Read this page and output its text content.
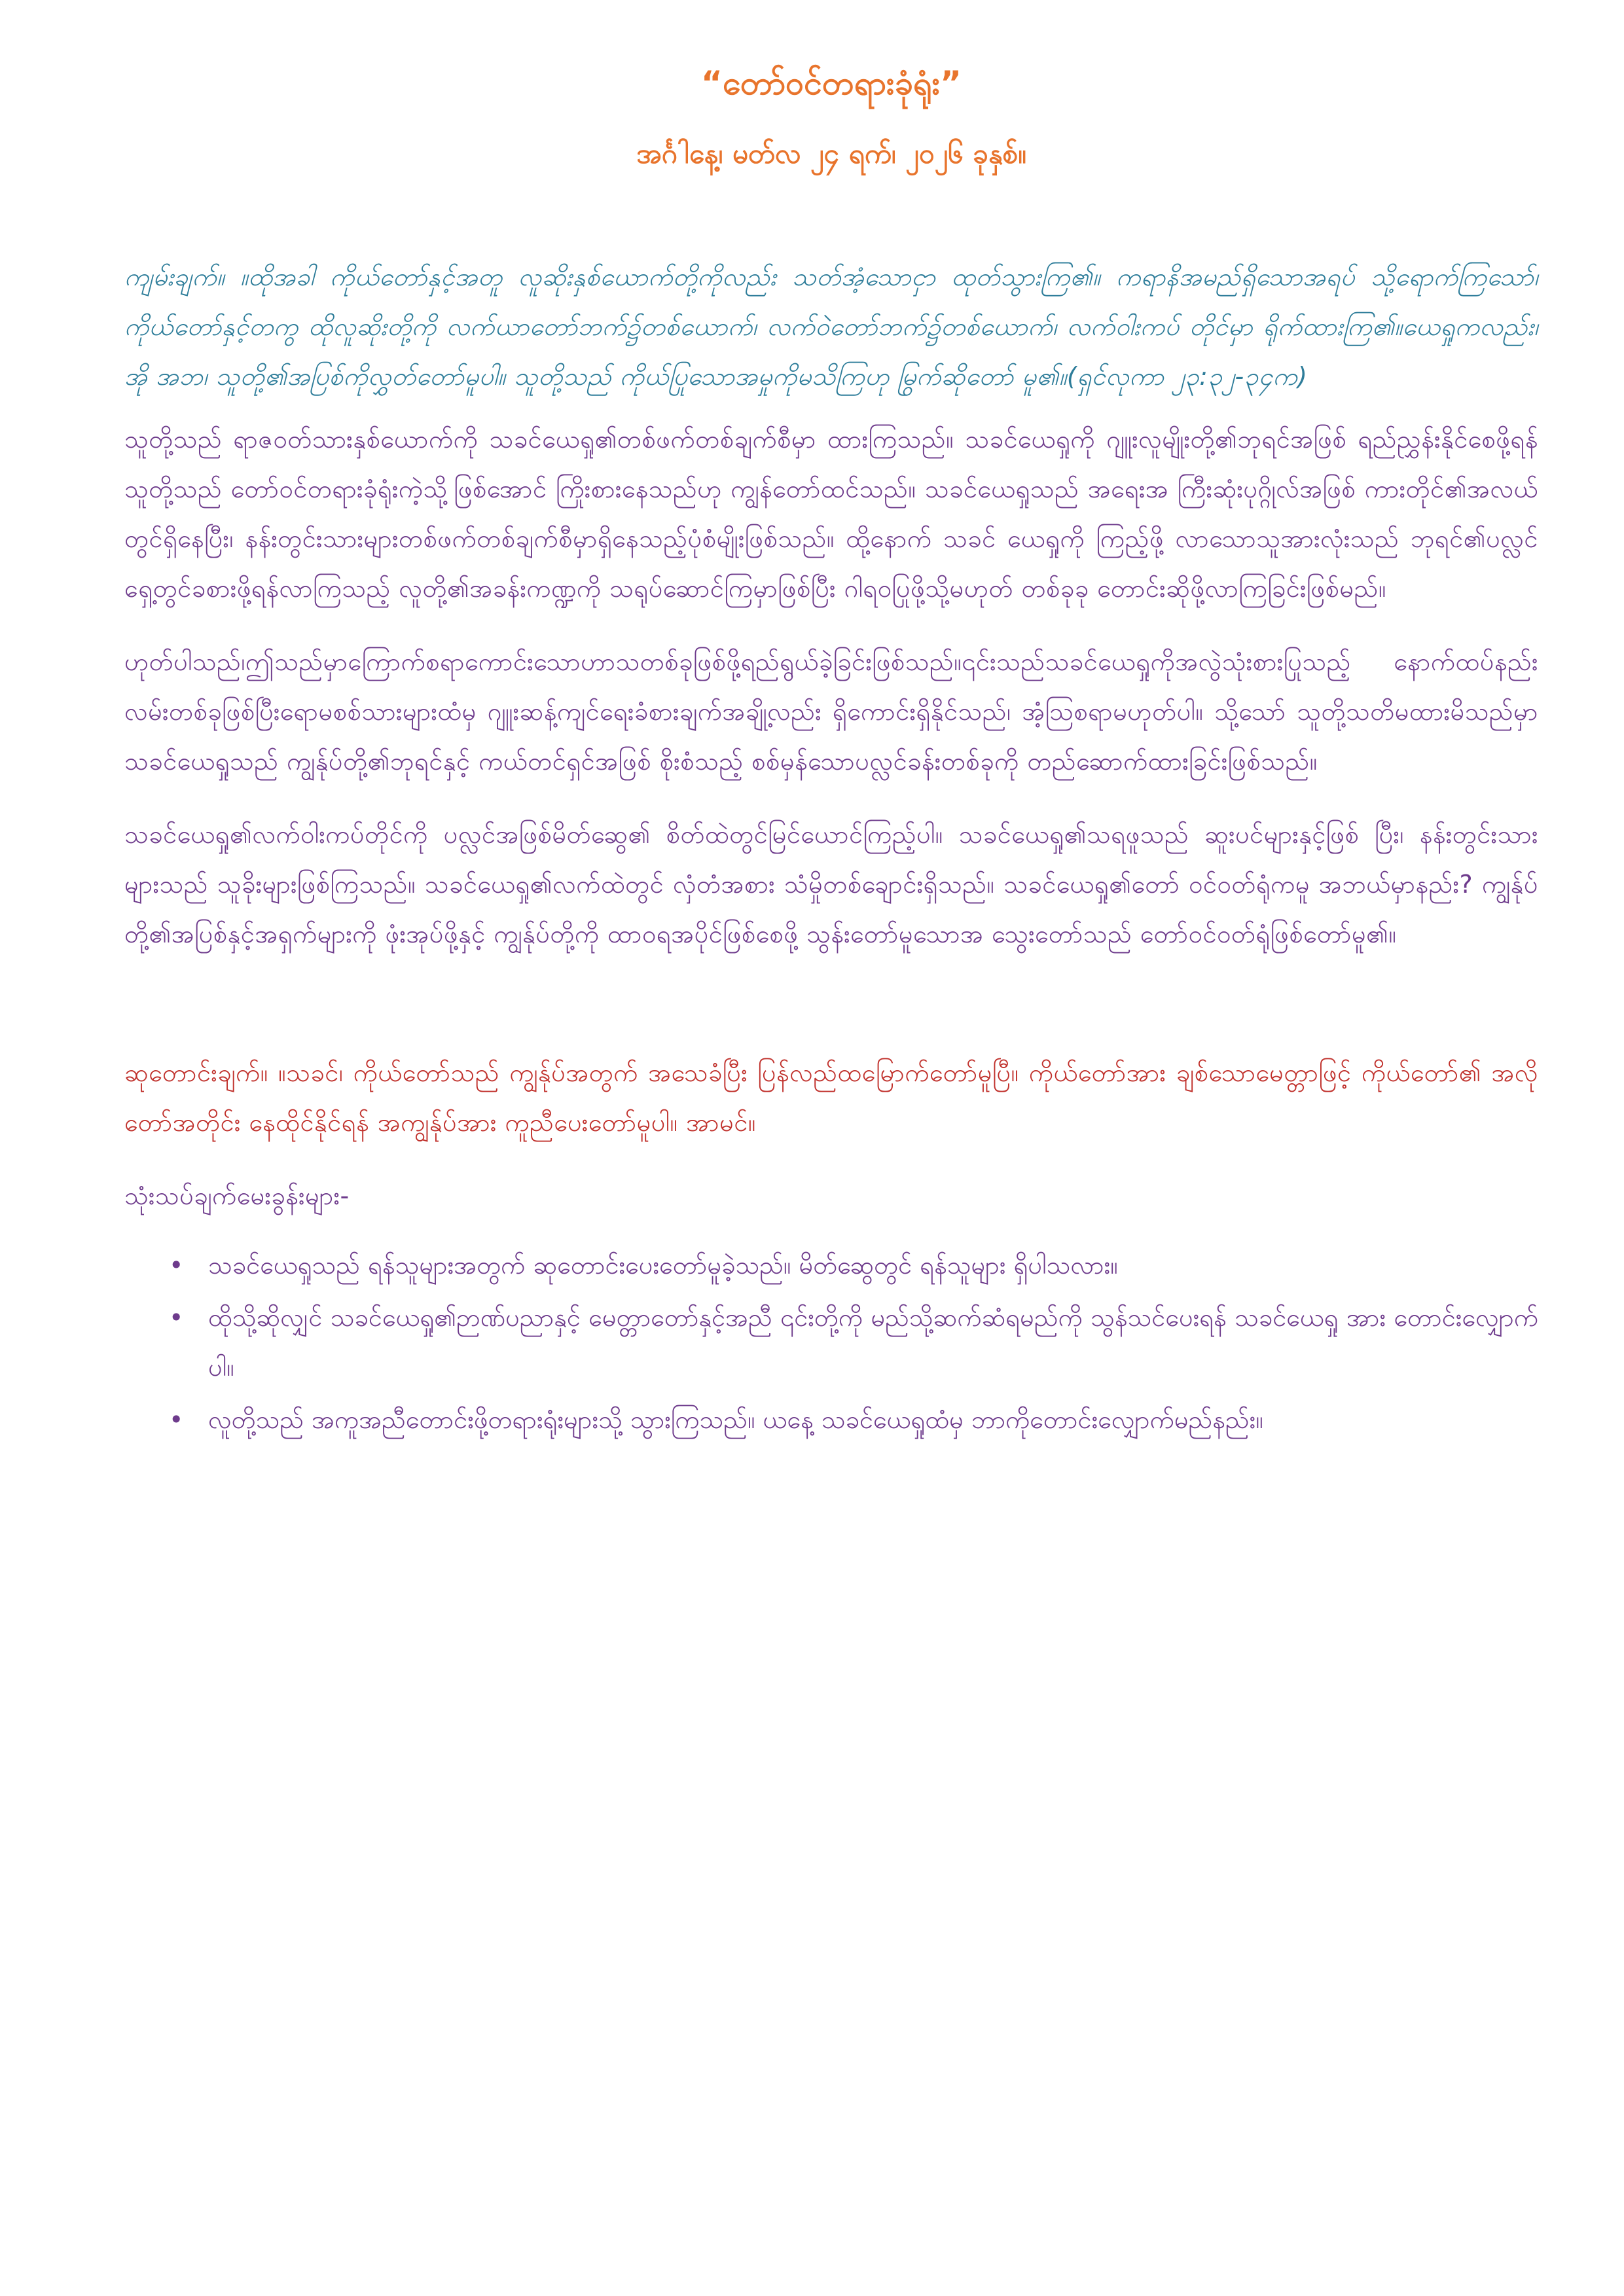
“တော်ဝင်တရားခုံရုံး”
အင်္ဂါနေ့၊ မတ်လ ၂၄ ရက်၊ ၂၀၂၆ ခုနှစ်။

ကျမ်းချက်။ ။ထိုအခါ ကိုယ်တော်နှင့်အတူ လူဆိုးနှစ်ယောက်တို့ကိုလည်း သတ်အံ့သောငှာ ထုတ်သွားကြ၏။ ကရာနိအမည်ရှိသောအရပ် သို့ရောက်ကြသော်၊ ကိုယ်တော်နှင့်တကွ ထိုလူဆိုးတို့ကို လက်ယာတော်ဘက်၌တစ်ယောက်၊ လက်ဝဲတော်ဘက်၌တစ်ယောက်၊ လက်ဝါးကပ် တိုင်မှာ ရိုက်ထားကြ၏။ယေရှုကလည်း၊ အို အဘ၊ သူတို့၏အပြစ်ကိုလွှတ်တော်မူပါ။ သူတို့သည် ကိုယ်ပြုသောအမှုကိုမသိကြဟု မြွက်ဆိုတော် မူ၏။(ရှင်လုကာ ၂၃:၃၂-၃၄က)

သူတို့သည် ရာဇဝတ်သားနှစ်ယောက်ကို သခင်ယေရှု၏တစ်ဖက်တစ်ချက်စီမှာ ထားကြသည်။ သခင်ယေရှုကို ဂျူးလူမျိုးတို့၏ဘုရင်အဖြစ် ရည်ညွှန်းနိုင်စေဖို့ရန် သူတို့သည် တော်ဝင်တရားခုံရုံးကဲ့သို့ဖြစ်အောင် ကြိုးစားနေသည်ဟု ကျွန်တော်ထင်သည်။ သခင်ယေရှုသည် အရေးအ ကြီးဆုံးပုဂ္ဂိုလ်အဖြစ် ကားတိုင်၏အလယ်တွင်ရှိနေပြီး၊ နန်းတွင်းသားများတစ်ဖက်တစ်ချက်စီမှာရှိနေသည့်ပုံစံမျိုးဖြစ်သည်။ ထို့နောက် သခင် ယေရှုကို ကြည့်ဖို့ လာသောသူအားလုံးသည် ဘုရင်၏ပလ္လင်ရှေ့တွင်ခစားဖို့ရန်လာကြသည့် လူတို့၏အခန်းကဏ္ဍကို သရုပ်ဆောင်ကြမှာဖြစ်ပြီး ဂါရဝပြုဖို့သို့မဟုတ် တစ်ခုခု တောင်းဆိုဖို့လာကြခြင်းဖြစ်မည်။

ဟုတ်ပါသည်၊ဤသည်မှာကြောက်စရာကောင်းသောဟာသတစ်ခုဖြစ်ဖို့ရည်ရွယ်ခဲ့ခြင်းဖြစ်သည်။၎င်းသည်သခင်ယေရှုကိုအလွဲသုံးစားပြုသည့် နောက်ထပ်နည်းလမ်းတစ်ခုဖြစ်ပြီးရောမစစ်သားများထံမှ ဂျူးဆန့်ကျင်ရေးခံစားချက်အချို့လည်း ရှိကောင်းရှိနိုင်သည်၊ အံ့သြစရာမဟုတ်ပါ။ သို့သော် သူတို့သတိမထားမိသည်မှာ သခင်ယေရှုသည် ကျွန်ုပ်တို့၏ဘုရင်နှင့် ကယ်တင်ရှင်အဖြစ် စိုးစံသည့် စစ်မှန်သောပလ္လင်ခန်းတစ်ခုကို တည်ဆောက်ထားခြင်းဖြစ်သည်။

သခင်ယေရှု၏လက်ဝါးကပ်တိုင်ကို ပလ္လင်အဖြစ်မိတ်ဆွေ၏ စိတ်ထဲတွင်မြင်ယောင်ကြည့်ပါ။ သခင်ယေရှု၏သရဖူသည် ဆူးပင်များနှင့်ဖြစ် ပြီး၊ နန်းတွင်းသားများသည် သူခိုးများဖြစ်ကြသည်။ သခင်ယေရှု၏လက်ထဲတွင် လှံတံအစား သံမှိုတစ်ချောင်းရှိသည်။ သခင်ယေရှု၏တော် ဝင်ဝတ်ရုံကမူ အဘယ်မှာနည်း? ကျွန်ုပ်တို့၏အပြစ်နှင့်အရှက်များကို ဖုံးအုပ်ဖို့နှင့် ကျွန်ုပ်တို့ကို ထာဝရအပိုင်ဖြစ်စေဖို့ သွန်းတော်မူသောအ သွေးတော်သည် တော်ဝင်ဝတ်ရုံဖြစ်တော်မူ၏။

ဆုတောင်းချက်။ ။သခင်၊ ကိုယ်တော်သည် ကျွန်ုပ်အတွက် အသေခံပြီး ပြန်လည်ထမြောက်တော်မူပြီ။ ကိုယ်တော်အား ချစ်သောမေတ္တာဖြင့် ကိုယ်တော်၏ အလိုတော်အတိုင်း နေထိုင်နိုင်ရန် အကျွန်ုပ်အား ကူညီပေးတော်မူပါ။ အာမင်။

သုံးသပ်ချက်မေးခွန်းများ-

• သခင်ယေရှုသည် ရန်သူများအတွက် ဆုတောင်းပေးတော်မူခဲ့သည်။ မိတ်ဆွေတွင် ရန်သူများ ရှိပါသလား။
• ထိုသို့ဆိုလျှင် သခင်ယေရှု၏ဉာဏ်ပညာနှင့် မေတ္တာတော်နှင့်အညီ ၎င်းတို့ကို မည်သို့ဆက်ဆံရမည်ကို သွန်သင်ပေးရန် သခင်ယေရှု အား တောင်းလျှောက်ပါ။
• လူတို့သည် အကူအညီတောင်းဖို့တရားရုံးများသို့ သွားကြသည်။ ယနေ့ သခင်ယေရှုထံမှ ဘာကိုတောင်းလျှောက်မည်နည်း။
